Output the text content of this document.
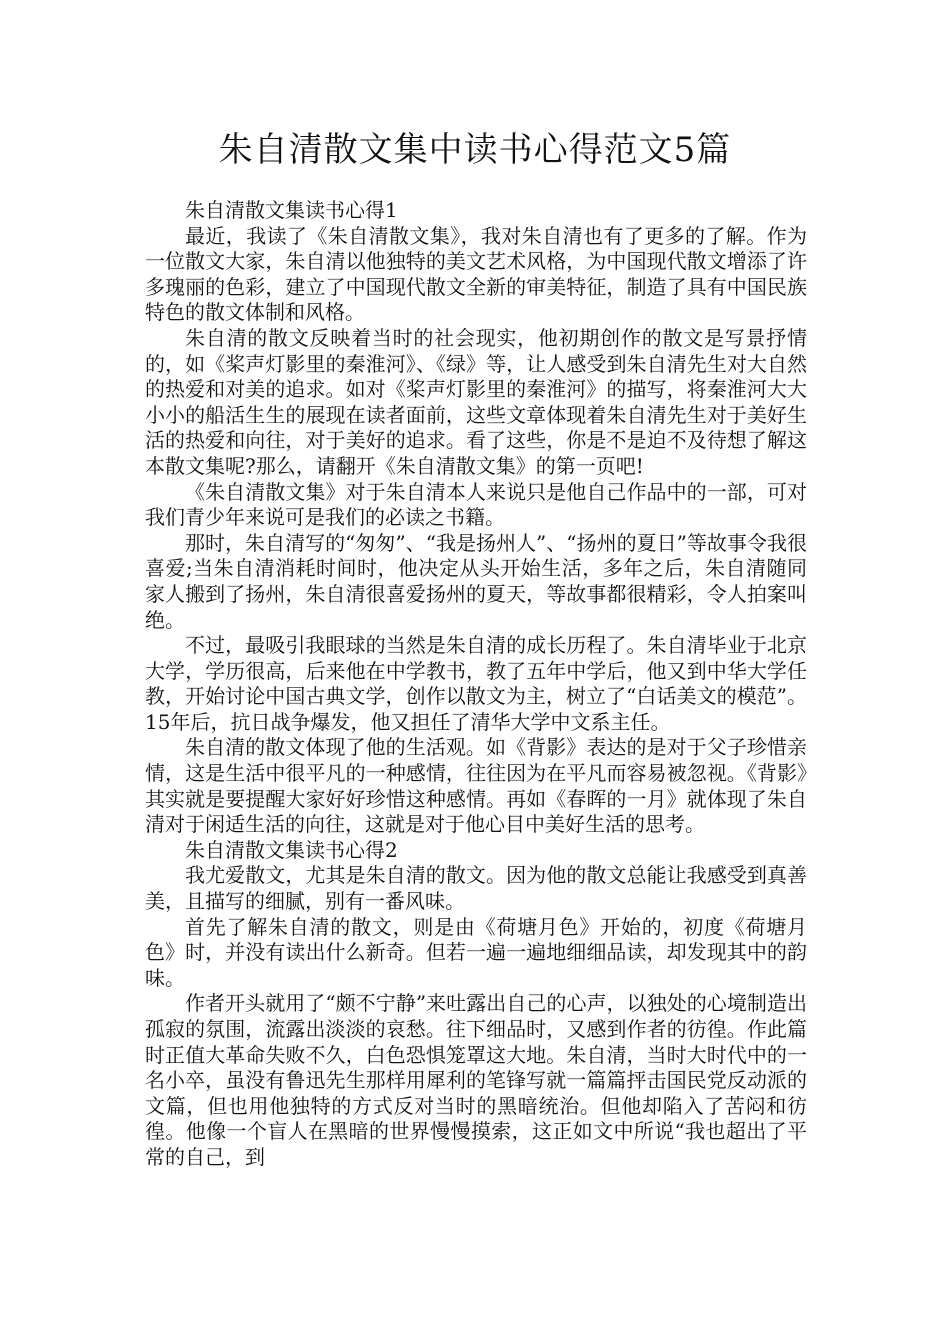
朱自清散文集中读书心得范文5篇

朱自清散文集读书心得1

最近，我读了《朱自清散文集》，我对朱自清也有了更多的了解。作为一位散文大家，朱自清以他独特的美文艺术风格，为中国现代散文增添了许多瑰丽的色彩，建立了中国现代散文全新的审美特征，制造了具有中国民族特色的散文体制和风格。

朱自清的散文反映着当时的社会现实，他初期创作的散文是写景抒情的，如《桨声灯影里的秦淮河》、《绿》等，让人感受到朱自清先生对大自然的热爱和对美的追求。如对《桨声灯影里的秦淮河》的描写，将秦淮河大大小小的船活生生的展现在读者面前，这些文章体现着朱自清先生对于美好生活的热爱和向往，对于美好的追求。看了这些，你是不是迫不及待想了解这本散文集呢?那么，请翻开《朱自清散文集》的第一页吧!

《朱自清散文集》对于朱自清本人来说只是他自己作品中的一部，可对我们青少年来说可是我们的必读之书籍。

那时，朱自清写的“匆匆”、“我是扬州人”、“扬州的夏日”等故事令我很喜爱;当朱自清消耗时间时，他决定从头开始生活，多年之后，朱自清随同家人搬到了扬州，朱自清很喜爱扬州的夏天，等故事都很精彩，令人拍案叫绝。

不过，最吸引我眼球的当然是朱自清的成长历程了。朱自清毕业于北京大学，学历很高，后来他在中学教书，教了五年中学后，他又到中华大学任教，开始讨论中国古典文学，创作以散文为主，树立了“白话美文的模范”。15年后，抗日战争爆发，他又担任了清华大学中文系主任。

朱自清的散文体现了他的生活观。如《背影》表达的是对于父子珍惜亲情，这是生活中很平凡的一种感情，往往因为在平凡而容易被忽视。《背影》其实就是要提醒大家好好珍惜这种感情。再如《春晖的一月》就体现了朱自清对于闲适生活的向往，这就是对于他心目中美好生活的思考。

朱自清散文集读书心得2

我尤爱散文，尤其是朱自清的散文。因为他的散文总能让我感受到真善美，且描写的细腻，别有一番风味。

首先了解朱自清的散文，则是由《荷塘月色》开始的，初度《荷塘月色》时，并没有读出什么新奇。但若一遍一遍地细细品读，却发现其中的韵味。

作者开头就用了“颇不宁静”来吐露出自己的心声，以独处的心境制造出孤寂的氛围，流露出淡淡的哀愁。往下细品时，又感到作者的彷徨。作此篇时正值大革命失败不久，白色恐惧笼罩这大地。朱自清，当时大时代中的一名小卒，虽没有鲁迅先生那样用犀利的笔锋写就一篇篇抨击国民党反动派的文篇，但也用他独特的方式反对当时的黑暗统治。但他却陷入了苦闷和彷徨。他像一个盲人在黑暗的世界慢慢摸索，这正如文中所说“我也超出了平常的自己，到
